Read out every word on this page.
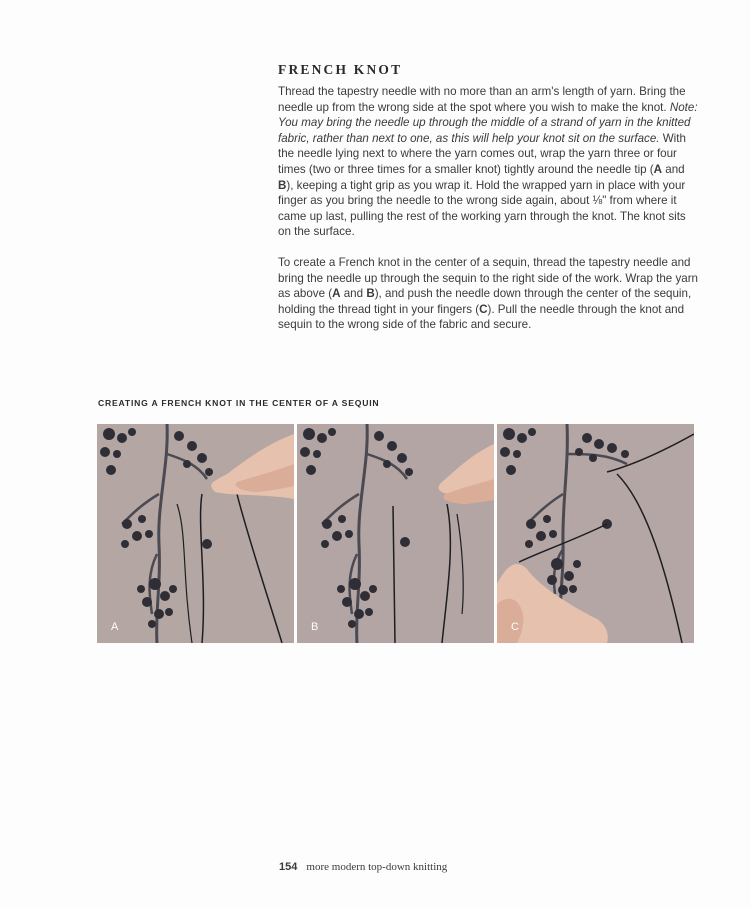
FRENCH KNOT

Thread the tapestry needle with no more than an arm's length of yarn. Bring the needle up from the wrong side at the spot where you wish to make the knot. Note: You may bring the needle up through the middle of a strand of yarn in the knitted fabric, rather than next to one, as this will help your knot sit on the surface. With the needle lying next to where the yarn comes out, wrap the yarn three or four times (two or three times for a smaller knot) tightly around the needle tip (A and B), keeping a tight grip as you wrap it. Hold the wrapped yarn in place with your finger as you bring the needle to the wrong side again, about ⅛" from where it came up last, pulling the rest of the working yarn through the knot. The knot sits on the surface.

To create a French knot in the center of a sequin, thread the tapestry needle and bring the needle up through the sequin to the right side of the work. Wrap the yarn as above (A and B), and push the needle down through the center of the sequin, holding the thread tight in your fingers (C). Pull the needle through the knot and sequin to the wrong side of the fabric and secure.

CREATING A FRENCH KNOT IN THE CENTER OF A SEQUIN
A	B	C
154 more modern top-down knitting
